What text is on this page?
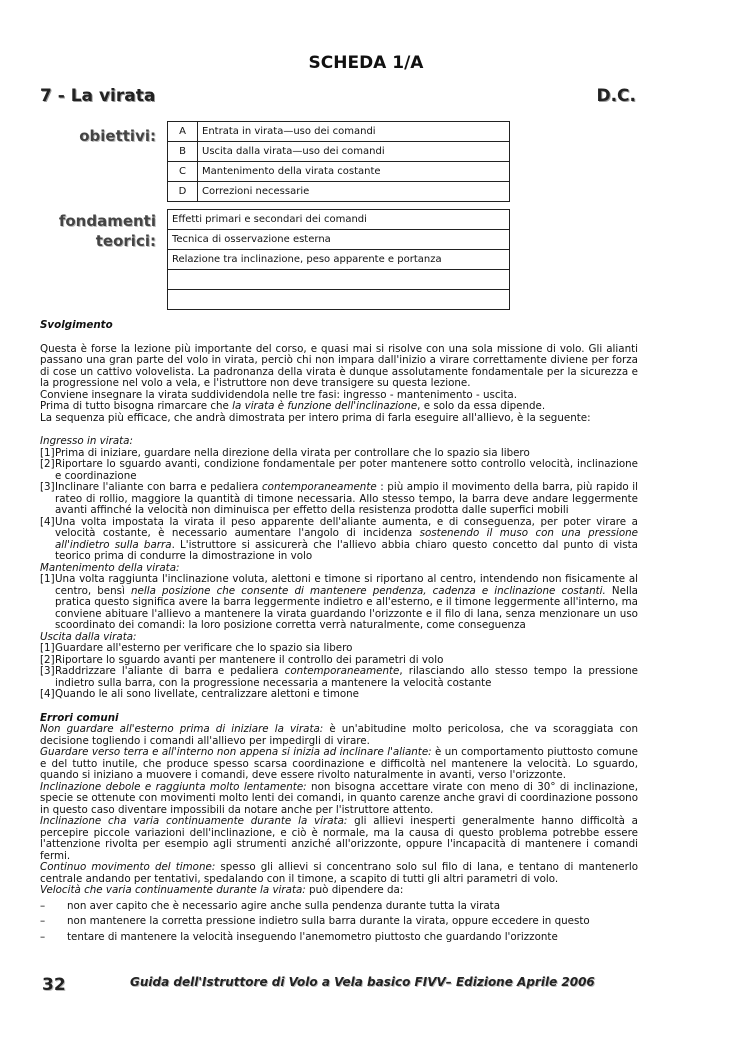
SCHEDA 1/A
7 - La virata	D.C.
obiettivi: A	Entrata in virata—uso dei comandi
B	Uscita dalla virata—uso dei comandi
C	Mantenimento della virata costante
D	Correzioni necessarie
fondamenti
teorici:
Effetti primari e secondari dei comandi
Tecnica di osservazione esterna
Relazione tra inclinazione, peso apparente e portanza

Svolgimento

Questa è forse la lezione più importante del corso, e quasi mai si risolve con una sola missione di volo. Gli alianti passano una gran parte del volo in virata, perciò chi non impara dall'inizio a virare correttamente diviene per forza di cose un cattivo volovelista. La padronanza della virata è dunque assolutamente fondamentale per la sicurezza e la progressione nel volo a vela, e l'istruttore non deve transigere su questa lezione.

Conviene insegnare la virata suddividendola nelle tre fasi: ingresso - mantenimento - uscita.

Prima di tutto bisogna rimarcare che la virata è funzione dell'inclinazione, e solo da essa dipende.

La sequenza più efficace, che andrà dimostrata per intero prima di farla eseguire all'allievo, è la seguente:

Ingresso in virata:

[1] Prima di iniziare, guardare nella direzione della virata per controllare che lo spazio sia libero
[2] Riportare lo sguardo avanti, condizione fondamentale per poter mantenere sotto controllo velocità, inclinazione e coordinazione
[3] Inclinare l'aliante con barra e pedaliera contemporaneamente : più ampio il movimento della barra, più rapido il rateo di rollio, maggiore la quantità di timone necessaria. Allo stesso tempo, la barra deve andare leggermente avanti affinché la velocità non diminuisca per effetto della resistenza prodotta dalle superfici mobili
[4] Una volta impostata la virata il peso apparente dell'aliante aumenta, e di conseguenza, per poter virare a velocità costante, è necessario aumentare l'angolo di incidenza sostenendo il muso con una pressione all'indietro sulla barra. L'istruttore si assicurerà che l'allievo abbia chiaro questo concetto dal punto di vista teorico prima di condurre la dimostrazione in volo

Mantenimento della virata:

[1] Una volta raggiunta l'inclinazione voluta, alettoni e timone si riportano al centro, intendendo non fisicamente al centro, bensì nella posizione che consente di mantenere pendenza, cadenza e inclinazione costanti. Nella pratica questo significa avere la barra leggermente indietro e all'esterno, e il timone leggermente all'interno, ma conviene abituare l'allievo a mantenere la virata guardando l'orizzonte e il filo di lana, senza menzionare un uso scoordinato dei comandi: la loro posizione corretta verrà naturalmente, come conseguenza

Uscita dalla virata:

[1] Guardare all'esterno per verificare che lo spazio sia libero
[2] Riportare lo sguardo avanti per mantenere il controllo dei parametri di volo
[3] Raddrizzare l'aliante di barra e pedaliera contemporaneamente, rilasciando allo stesso tempo la pressione indietro sulla barra, con la progressione necessaria a mantenere la velocità costante
[4] Quando le ali sono livellate, centralizzare alettoni e timone

Errori comuni

Non guardare all'esterno prima di iniziare la virata: è un'abitudine molto pericolosa, che va scoraggiata con decisione togliendo i comandi all'allievo per impedirgli di virare.

Guardare verso terra e all'interno non appena si inizia ad inclinare l'aliante: è un comportamento piuttosto comune e del tutto inutile, che produce spesso scarsa coordinazione e difficoltà nel mantenere la velocità. Lo sguardo, quando si iniziano a muovere i comandi, deve essere rivolto naturalmente in avanti, verso l'orizzonte.

Inclinazione debole e raggiunta molto lentamente: non bisogna accettare virate con meno di 30° di inclinazione, specie se ottenute con movimenti molto lenti dei comandi, in quanto carenze anche gravi di coordinazione possono in questo caso diventare impossibili da notare anche per l'istruttore attento.

Inclinazione cha varia continuamente durante la virata: gli allievi inesperti generalmente hanno difficoltà a percepire piccole variazioni dell'inclinazione, e ciò è normale, ma la causa di questo problema potrebbe essere l'attenzione rivolta per esempio agli strumenti anziché all'orizzonte, oppure l'incapacità di mantenere i comandi fermi.

Continuo movimento del timone: spesso gli allievi si concentrano solo sul filo di lana, e tentano di mantenerlo centrale andando per tentativi, spedalando con il timone, a scapito di tutti gli altri parametri di volo.

Velocità che varia continuamente durante la virata: può dipendere da:

–	non aver capito che è necessario agire anche sulla pendenza durante tutta la virata
–	non mantenere la corretta pressione indietro sulla barra durante la virata, oppure eccedere in questo
–	tentare di mantenere la velocità inseguendo l'anemometro piuttosto che guardando l'orizzonte
32	Guida dell'Istruttore di Volo a Vela basico FIVV– Edizione Aprile 2006
